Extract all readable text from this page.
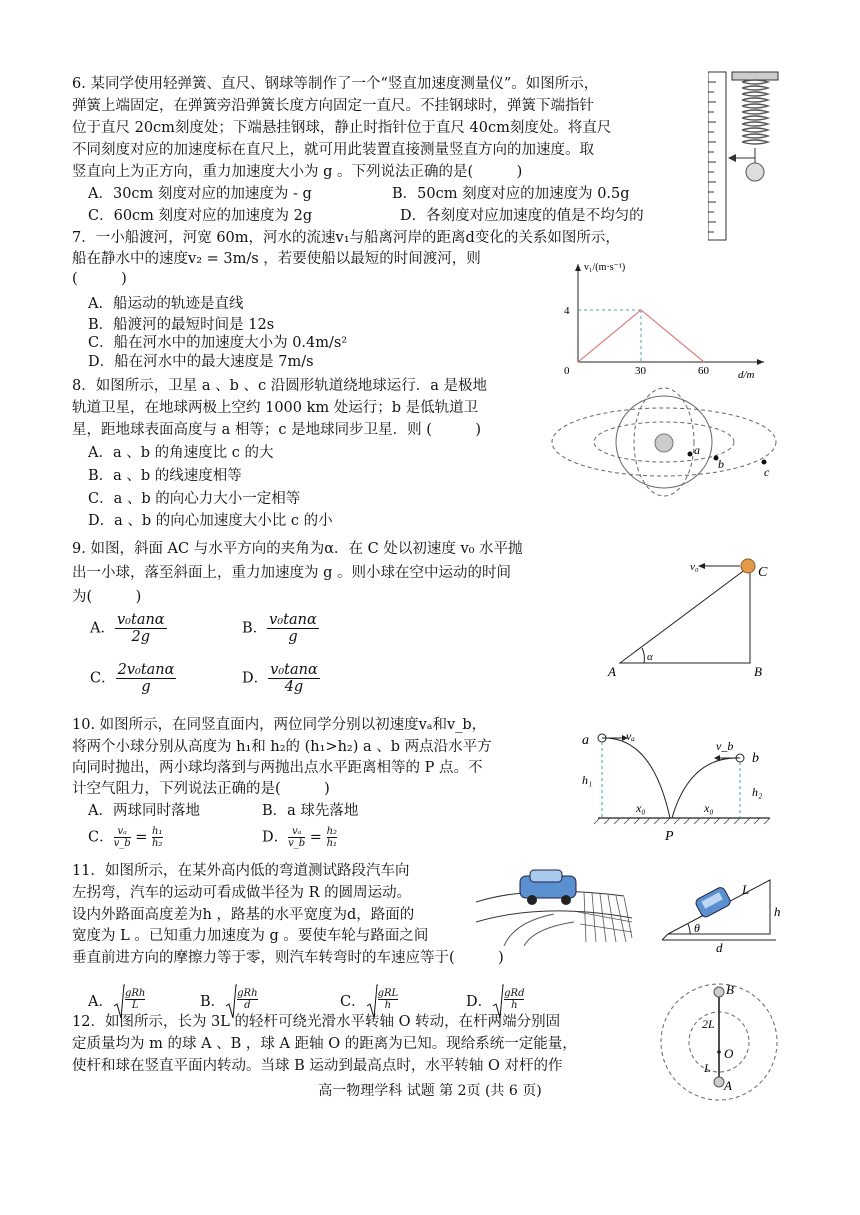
6. 某同学使用轻弹簧、直尺、钢球等制作了一个“竖直加速度测量仪”。如图所示，
弹簧上端固定，在弹簧旁沿弹簧长度方向固定一直尺。不挂钢球时，弹簧下端指针
位于直尺 20cm刻度处；下端悬挂钢球，静止时指针位于直尺 40cm刻度处。将直尺
不同刻度对应的加速度标在直尺上，就可用此装置直接测量竖直方向的加速度。取
竖直向上为正方向，重力加速度大小为 g 。下列说法正确的是(　　　)
A．30cm 刻度对应的加速度为 - g	B．50cm 刻度对应的加速度为 0.5g
C．60cm 刻度对应的加速度为 2g	D．各刻度对应加速度的值是不均匀的
7．一小船渡河，河宽 60m，河水的流速v₁与船离河岸的距离d变化的关系如图所示，
船在静水中的速度v₂ = 3m/s ，若要使船以最短的时间渡河，则
(　　　)
A．船运动的轨迹是直线
B．船渡河的最短时间是 12s
C．船在河水中的加速度大小为 0.4m/s²
D．船在河水中的最大速度是 7m/s
v₁/(m·s⁻¹)
d/m
0	30	60
4
8．如图所示，卫星 a 、b 、c 沿圆形轨道绕地球运行．a 是极地
轨道卫星，在地球两极上空约 1000 km 处运行；b 是低轨道卫
星，距地球表面高度与 a 相等；c 是地球同步卫星．则 (　　　)
A．a 、b 的角速度比 c 的大
B．a 、b 的线速度相等
C．a 、b 的向心力大小一定相等
D．a 、b 的向心加速度大小比 c 的小
a
b
c
9. 如图，斜面 AC 与水平方向的夹角为α．在 C 处以初速度 v₀ 水平抛
出一小球，落至斜面上，重力加速度为 g 。则小球在空中运动的时间
为(　　　)
A． $\frac{\text{v₀tanα}}{2g}$	B． $\frac{\text{v₀tanα}}{g}$
C． $\frac{\text{2v₀tanα}}{g}$	D． $\frac{\text{v₀tanα}}{4g}$
v₀	C
α
A	B
10. 如图所示，在同竖直面内，两位同学分别以初速度vₐ和v_b，
将两个小球分别从高度为 h₁和 h₂的 (h₁>h₂) a 、b 两点沿水平方
向同时抛出，两小球均落到与两抛出点水平距离相等的 P 点。不
计空气阻力，下列说法正确的是(　　　)
A．两球同时落地	B．a 球先落地
C． $\frac{\text{vₐ}}{v\_b} = \frac{\text{h₁}}{\text{h₂}}$	D． $\frac{\text{vₐ}}{v\_b} = \frac{\text{h₂}}{\text{h₁}}$
a	vₐ
v_b
b
h₁
h₂
x₀	x₀
P
11．如图所示，在某外高内低的弯道测试路段汽车向
左拐弯，汽车的运动可看成做半径为 R 的圆周运动。
设内外路面高度差为h ，路基的水平宽度为d，路面的
宽度为 L 。已知重力加速度为 g 。要使车轮与路面之间
垂直前进方向的摩擦力等于零，则汽车转弯时的车速应等于(　　　)
A．
gRh
L	B．
gRh
d	C．
gRL
h	D．
gRd
h
L
h
θ
d
12．如图所示，长为 3L 的轻杆可绕光滑水平转轴 O 转动，在杆两端分别固
定质量均为 m 的球 A 、B ，球 A 距轴 O 的距离为已知。现给系统一定能量，
使杆和球在竖直平面内转动。当球 B 运动到最高点时，水平转轴 O 对杆的作
B
2L
O
L
A
高一物理学科 试题 第 2页 (共 6 页)
